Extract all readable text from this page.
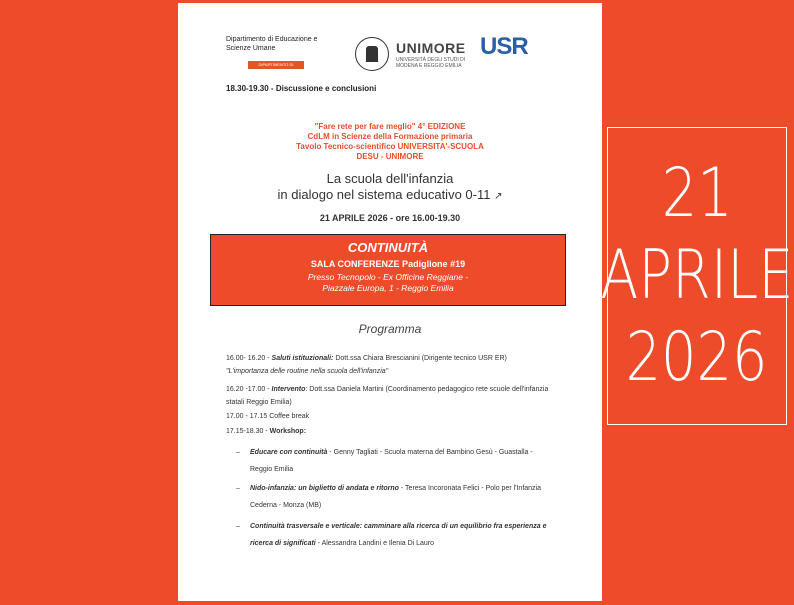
Dipartimento di Educazione e Scienze Umane
DIPARTIMENTO DI ECCELLENZA
UNIMORE
UNIVERSITÀ DEGLI STUDI DI MODENA E REGGIO EMILIA
USR
18.30-19.30 - Discussione e conclusioni
"Fare rete per fare meglio" 4° EDIZIONE
CdLM in Scienze della Formazione primaria
Tavolo Tecnico-scientifico UNIVERSITA'-SCUOLA
DESU - UNIMORE
La scuola dell'infanzia
in dialogo nel sistema educativo 0-11 ↗
21 APRILE 2026 - ore 16.00-19.30
CONTINUITÀ
SALA CONFERENZE Padiglione #19
Presso Tecnopolo - Ex Officine Reggiane -
Piazzale Europa, 1 - Reggio Emilia
Programma
16.00- 16.20 - Saluti istituzionali: Dott.ssa Chiara Brescianini (Dirigente tecnico USR ER) "L'importanza delle routine nella scuola dell'infanzia"
16.20 -17.00 - Intervento: Dott.ssa Daniela Martini (Coordinamento pedagogico rete scuole dell'infanzia statali Reggio Emilia)
17.00 - 17.15 Coffee break
17.15-18.30 - Workshop:
– Educare con continuità - Genny Tagliati - Scuola materna del Bambino Gesù - Guastalla - Reggio Emilia
– Nido-infanzia: un biglietto di andata e ritorno - Teresa Incoronata Felici - Polo per l'Infanzia Cederna - Monza (MB)
– Continuità trasversale e verticale: camminare alla ricerca di un equilibrio fra esperienza e ricerca di significati - Alessandra Landini e Ilenia Di Lauro
21
APRILE
2026
